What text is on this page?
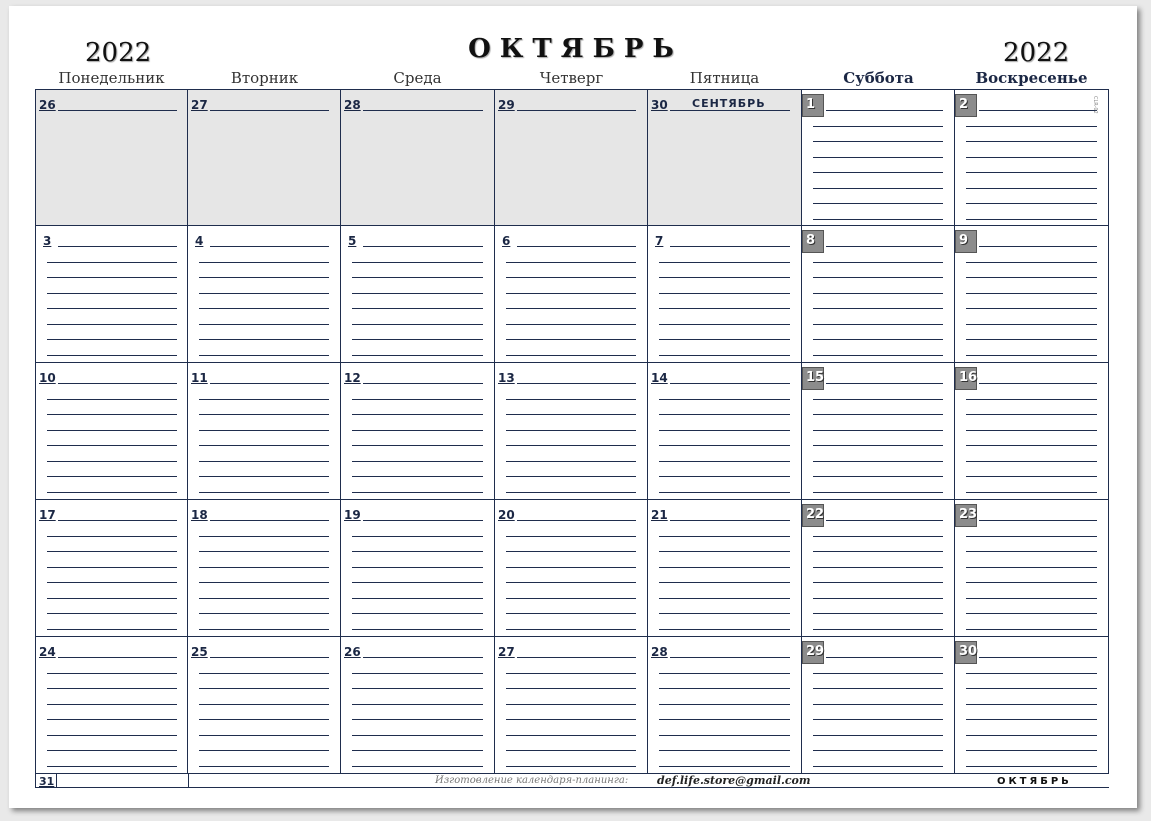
2022	ОКТЯБРЬ	2022
Понедельник	Вторник	Среда	Четверг	Пятница	Суббота	Воскресенье
26	27	28	29	30 СЕНТЯБРЬ	1	2
3	4	5	6	7	8	9
10	11	12	13	14	15	16
17	18	19	20	21	22	23
24	25	26	27	28	29	30
CLR-02
31	Изготовление календаря-планинга:	def.life.store@gmail.com	ОКТЯБРЬ
